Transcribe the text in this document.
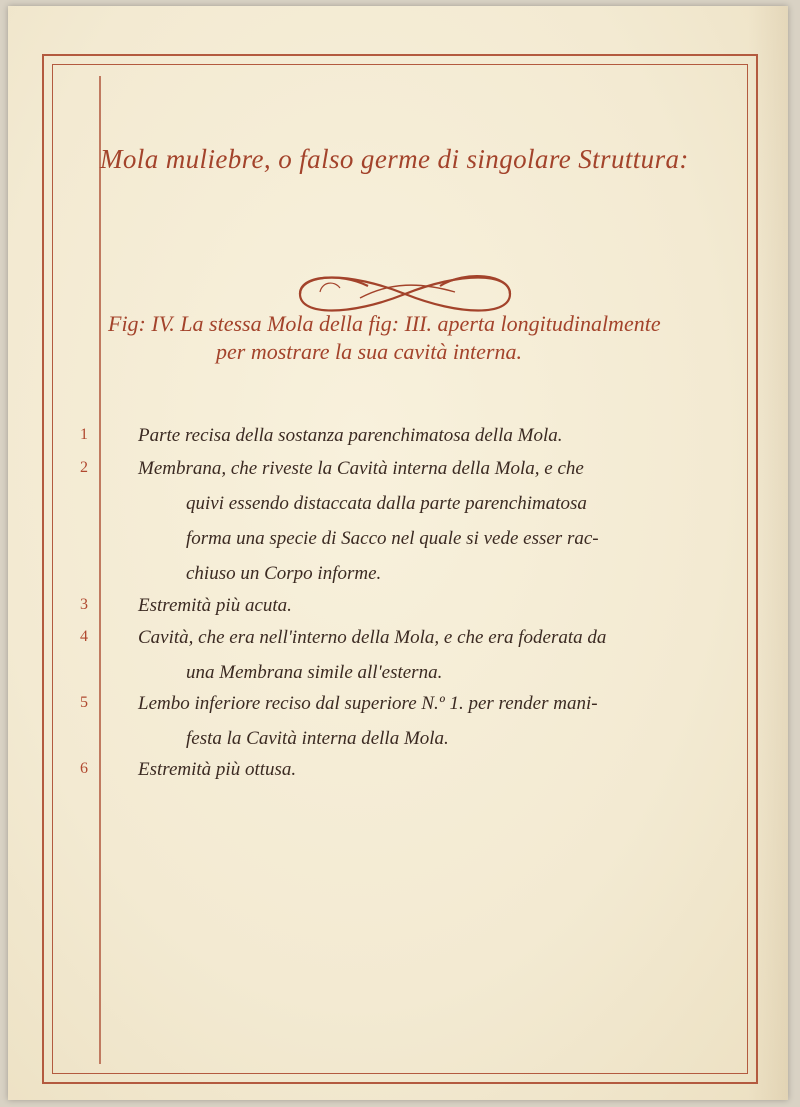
Mola muliebre, o falso germe di singolare Struttura:
Fig: IV. La stessa Mola della fig: III. aperta longitudinalmente
per mostrare la sua cavità interna.
1	Parte recisa della sostanza parenchimatosa della Mola.
2	Membrana, che riveste la Cavità interna della Mola, e che
quivi essendo distaccata dalla parte parenchimatosa
forma una specie di Sacco nel quale si vede esser rac-
chiuso un Corpo informe.
3	Estremità più acuta.
4	Cavità, che era nell'interno della Mola, e che era foderata da
una Membrana simile all'esterna.
5	Lembo inferiore reciso dal superiore N.º 1. per render mani-
festa la Cavità interna della Mola.
6	Estremità più ottusa.
